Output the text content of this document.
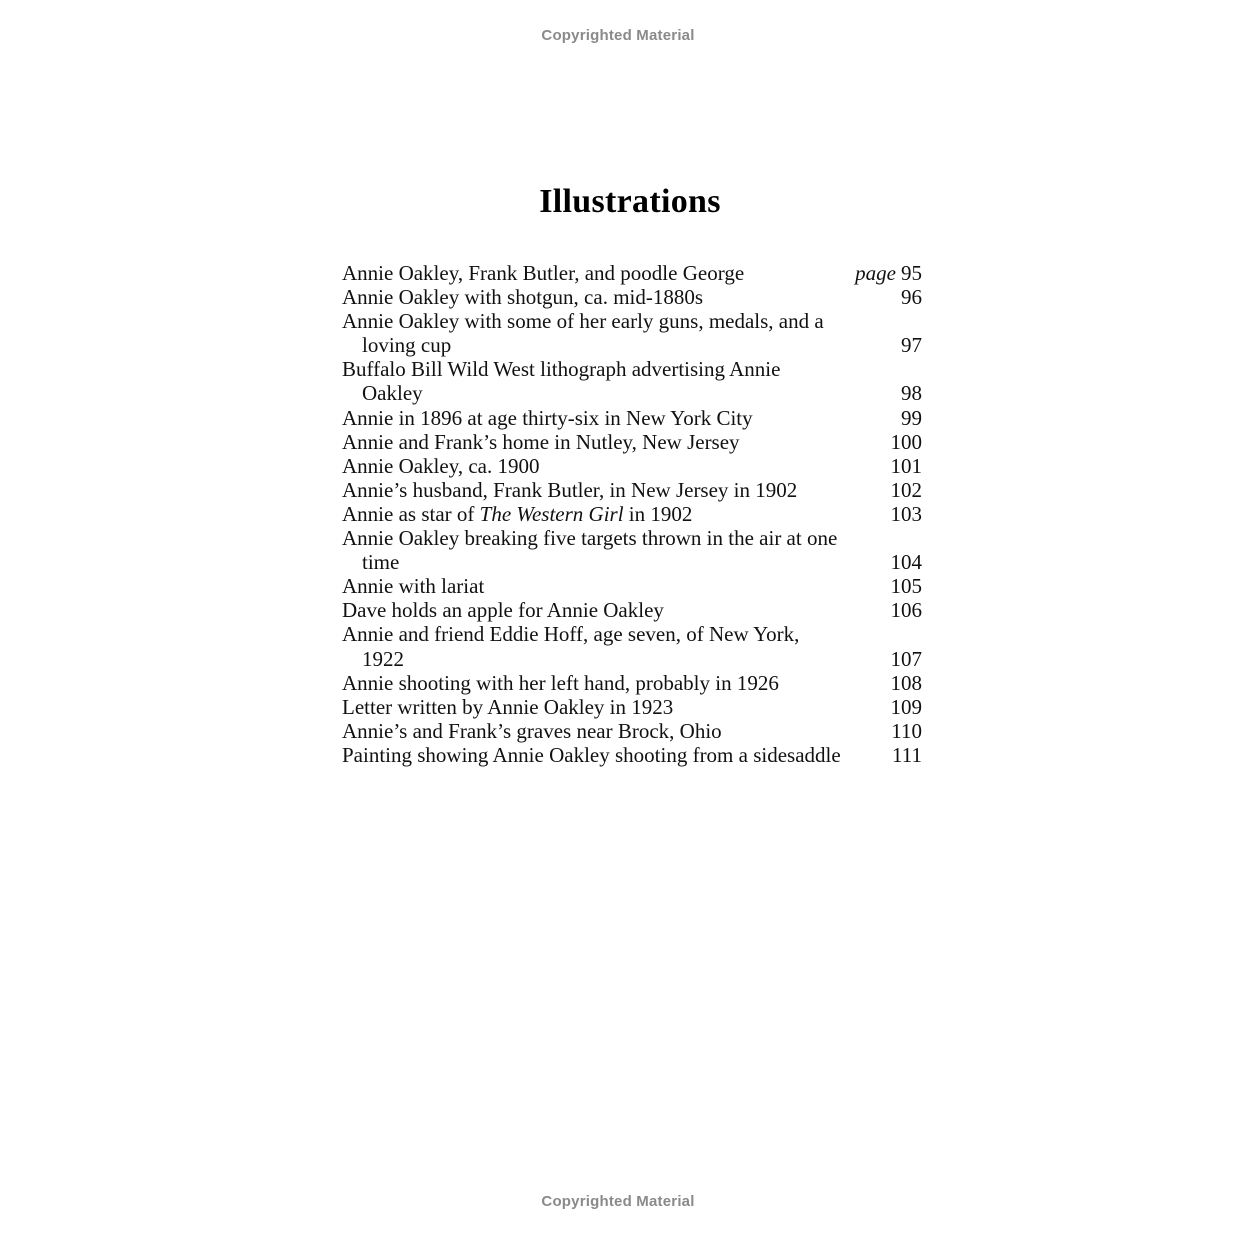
Copyrighted Material
Illustrations
Annie Oakley, Frank Butler, and poodle George	page 95
Annie Oakley with shotgun, ca. mid-1880s	96
Annie Oakley with some of her early guns, medals, and a loving cup	97
Buffalo Bill Wild West lithograph advertising Annie Oakley	98
Annie in 1896 at age thirty-six in New York City	99
Annie and Frank’s home in Nutley, New Jersey	100
Annie Oakley, ca. 1900	101
Annie’s husband, Frank Butler, in New Jersey in 1902	102
Annie as star of The Western Girl in 1902	103
Annie Oakley breaking five targets thrown in the air at one time	104
Annie with lariat	105
Dave holds an apple for Annie Oakley	106
Annie and friend Eddie Hoff, age seven, of New York, 1922	107
Annie shooting with her left hand, probably in 1926	108
Letter written by Annie Oakley in 1923	109
Annie’s and Frank’s graves near Brock, Ohio	110
Painting showing Annie Oakley shooting from a sidesaddle 111
Copyrighted Material
